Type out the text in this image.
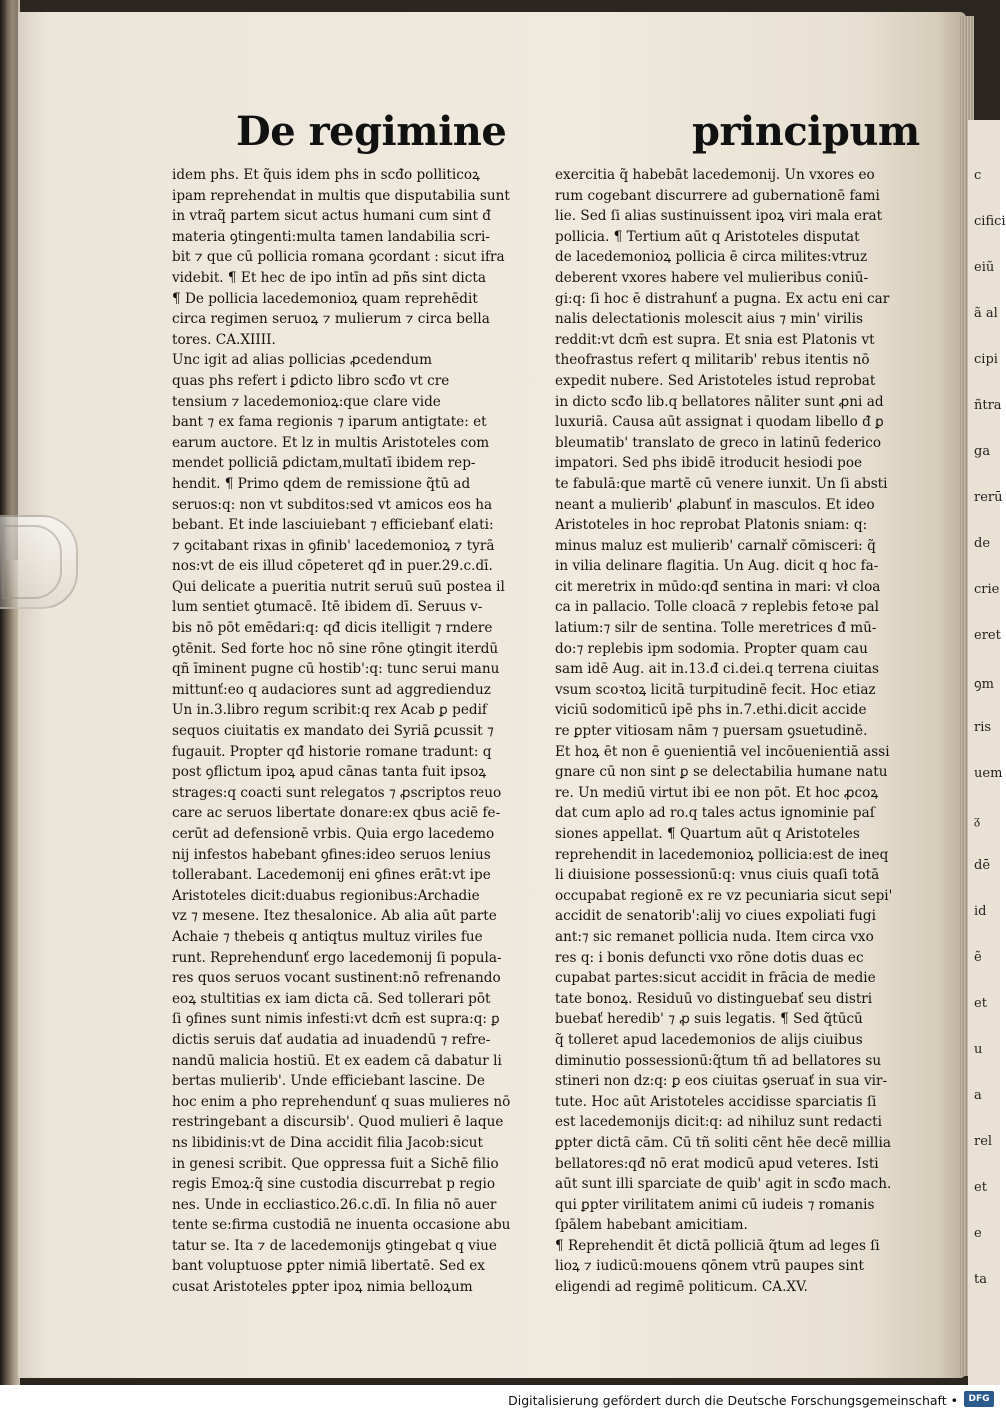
c
cifici
eiũ
ã al
cipi
ñtra
ga
rerū
de
crie
eret
ꝯm
ris
uem
ᵹ
dē
id
ẽ
et
u
a
rel
et
e
ta
De regimine	principum
idem phs. Et q̃uis idem phs in scđo polliticoꝝ
ipam reprehendat in multis que disputabilia sunt
in vtraq̃ partem sicut actus humani cum sint đ
materia ꝯtingenti:multa tamen landabilia scri-
bit ⁊ que cū pollicia romana ꝯcordant : sicut ifra
videbit. ¶ Et hec de ipo intīn ad pñs sint dicta
¶ De pollicia lacedemonioꝝ quam reprehēdit
circa regimen seruoꝝ ⁊ mulierum ⁊ circa bella
tores. CA.XIIII.
Unc igit ad alias pollicias ꝓcedendum
quas phs refert i ꝑdicto libro scđo vt cre
tensium ⁊ lacedemonioꝝ:que clare vide
bant ⁊ ex fama regionis ⁊ iparum antigtate: et
earum auctore. Et lz in multis Aristoteles com
mendet polliciā ꝑdictam,multatī ibidem rep-
hendit. ¶ Primo qdem de remissione q̃tū ad
seruos:q: non vt subditos:sed vt amicos eos ha
bebant. Et inde lasciuiebant ⁊ efficiebanť elati:
⁊ ꝯcitabant rixas in ꝯfinib' lacedemonioꝝ ⁊ tyrā
nos:vt de eis illud cōpeteret qđ in puer.29.c.dī.
Qui delicate a pueritia nutrit seruū suū postea il
lum sentiet ꝯtumacē. Itē ibidem dī. Seruus v-
bis nō pōt emēdari:q: qđ dicis itelligit ⁊ rndere
ꝯtēnit. Sed forte hoc nō sine rōne ꝯtingit iterdū
qñ īminent pugne cū hostib':q: tunc serui manu
mittunť:eo q audaciores sunt ad aggredienduz
Un in.3.libro regum scribit:q rex Acab ꝑ pedif
sequos ciuitatis ex mandato dei Syriā ꝑcussit ⁊
fugauit. Propter qđ historie romane tradunt: q
post ꝯflictum ipoꝝ apud cānas tanta fuit ipsoꝝ
strages:q coacti sunt relegatos ⁊ ꝓscriptos reuo
care ac seruos libertate donare:ex qbus aciē fe-
cerūt ad defensionē vrbis. Quia ergo lacedemo
nij infestos habebant ꝯfines:ideo seruos lenius
tollerabant. Lacedemonij eni ꝯfines erāt:vt ipe
Aristoteles dicit:duabus regionibus:Archadie
vz ⁊ mesene. Itez thesalonice. Ab alia aūt parte
Achaie ⁊ thebeis q antiqtus multuz viriles fue
runt. Reprehendunť ergo lacedemonij ſi popula-
res quos seruos vocant sustinent:nō refrenando
eoꝝ stultitias ex iam dicta cā. Sed tollerari pōt
ſi ꝯfines sunt nimis infesti:vt dcm̄ est supra:q: ꝑ
dictis seruis dať audatia ad inuadendū ⁊ refre-
nandū malicia hostiū. Et ex eadem cā dabatur li
bertas mulierib'. Unde efficiebant lascine. De
hoc enim a pho reprehendunť q suas mulieres nō
restringebant a discursib'. Quod mulieri ē laque
ns libidinis:vt de Dina accidit filia Jacob:sicut
in genesi scribit. Que oppressa fuit a Sichē filio
regis Emoꝝ:q̃ sine custodia discurrebat p regio
nes. Unde in eccliastico.26.c.dī. In filia nō auer
tente se:firma custodiā ne inuenta occasione abu
tatur se. Ita ⁊ de lacedemonijs ꝯtingebat q viue
bant voluptuose ꝑpter nimiā libertatē. Sed ex
cusat Aristoteles ꝑpter ipoꝝ nimia belloꝝum
exercitia q̃ habebāt lacedemonij. Un vxores eo
rum cogebant discurrere ad gubernationē fami
lie. Sed ſi alias sustinuissent ipoꝝ viri mala erat
pollicia. ¶ Tertium aūt q Aristoteles disputat
de lacedemonioꝝ pollicia ē circa milites:vtruz
deberent vxores habere vel mulieribus coniū-
gi:q: ſi hoc ē distrahunť a pugna. Ex actu eni car
nalis delectationis molescit aius ⁊ min' virilis
reddit:vt dcm̄ est supra. Et snia est Platonis vt
theofrastus refert q militarib' rebus itentis nō
expedit nubere. Sed Aristoteles istud reprobat
in dicto scđo lib.q bellatores nāliter sunt ꝓni ad
luxuriā. Causa aūt assignat i quodam libello đ ꝑ
bleumatib' translato de greco in latinū federico
impatori. Sed phs ibidē itroducit hesiodi poe
te fabulā:que martē cū venere iunxit. Un ſi absti
neant a mulierib' ꝓlabunť in masculos. Et ideo
Aristoteles in hoc reprobat Platonis sniam: q:
minus maluz est mulierib' carnalř cōmisceri: q̃
in vilia delinare flagitia. Un Aug. dicit q hoc fa-
cit meretrix in mūdo:qđ sentina in mari: vł cloa
ca in pallacio. Tolle cloacā ⁊ replebis fetoꝛe pal
latium:⁊ silr de sentina. Tolle meretrices đ mū-
do:⁊ replebis ipm sodomia. Propter quam cau
sam idē Aug. ait in.13.đ ci.dei.q terrena ciuitas
vsum scoꝛtoꝝ licitā turpitudinē fecit. Hoc etiaz
viciū sodomiticū ipē phs in.7.ethi.dicit accide
re ꝑpter vitiosam nām ⁊ puersam ꝯsuetudinē.
Et hoꝝ ēt non ē ꝯuenientiā vel incōuenientiā assi
gnare cū non sint ꝑ se delectabilia humane natu
re. Un mediū virtut ibi ee non pōt. Et hoc ꝓcoꝝ
dat cum aplo ad ro.q tales actus ignominie paſ
siones appellat. ¶ Quartum aūt q Aristoteles
reprehendit in lacedemonioꝝ pollicia:est de ineq
li diuisione possessionū:q: vnus ciuis quaſi totā
occupabat regionē ex re vz pecuniaria sicut sepi'
accidit de senatorib':alij vo ciues expoliati fugi
ant:⁊ sic remanet pollicia nuda. Item circa vxo
res q: i bonis defuncti vxo rōne dotis duas ec
cupabat partes:sicut accidit in frācia de medie
tate bonoꝝ. Residuū vo distinguebať seu distri
buebať heredib' ⁊ ꝓ suis legatis. ¶ Sed q̃tūcū
q̃ tolleret apud lacedemonios de alijs ciuibus
diminutio possessionū:q̃tum tñ ad bellatores su
stineri non dz:q: ꝑ eos ciuitas ꝯseruať in sua vir-
tute. Hoc aūt Aristoteles accidisse sparciatis ſi
est lacedemonijs dicit:q: ad nihiluz sunt redacti
ꝑpter dictā cām. Cū tñ soliti cēnt hēe decē millia
bellatores:qđ nō erat modicū apud veteres. Isti
aūt sunt illi sparciate de quib' agit in scđo mach.
qui ꝑpter virilitatem animi cū iudeis ⁊ romanis
ſpālem habebant amicitiam.
¶ Reprehendit ēt dictā polliciā q̃tum ad leges ſi
lioꝝ ⁊ iudicū:mouens qōnem vtrū paupes sint
eligendi ad regimē politicum. CA.XV.
Digitalisierung gefördert durch die Deutsche Forschungsgemeinschaft •	DFG
